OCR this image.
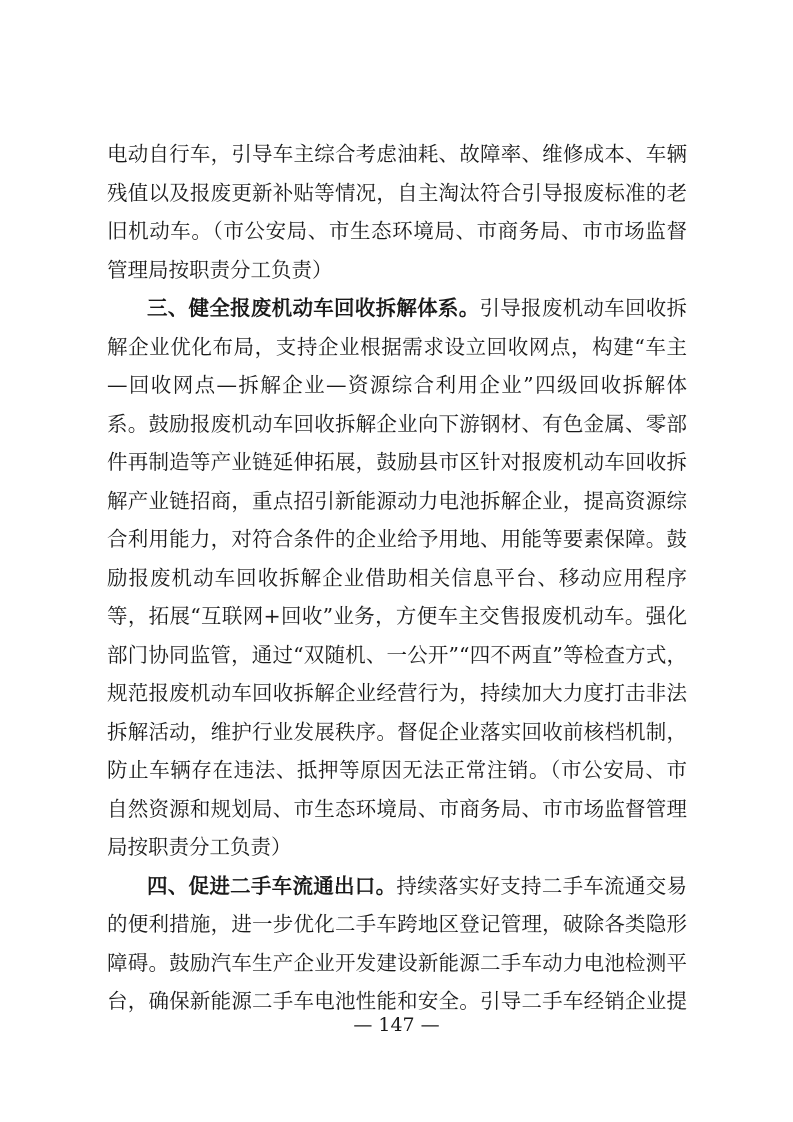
电动自行车，引导车主综合考虑油耗、故障率、维修成本、车辆
残值以及报废更新补贴等情况，自主淘汰符合引导报废标准的老
旧机动车。（市公安局、市生态环境局、市商务局、市市场监督
管理局按职责分工负责）
三、健全报废机动车回收拆解体系。引导报废机动车回收拆
解企业优化布局，支持企业根据需求设立回收网点，构建“车主
—回收网点—拆解企业—资源综合利用企业”四级回收拆解体
系。鼓励报废机动车回收拆解企业向下游钢材、有色金属、零部
件再制造等产业链延伸拓展，鼓励县市区针对报废机动车回收拆
解产业链招商，重点招引新能源动力电池拆解企业，提高资源综
合利用能力，对符合条件的企业给予用地、用能等要素保障。鼓
励报废机动车回收拆解企业借助相关信息平台、移动应用程序
等，拓展“互联网+回收”业务，方便车主交售报废机动车。强化
部门协同监管，通过“双随机、一公开”“四不两直”等检查方式，
规范报废机动车回收拆解企业经营行为，持续加大力度打击非法
拆解活动，维护行业发展秩序。督促企业落实回收前核档机制，
防止车辆存在违法、抵押等原因无法正常注销。（市公安局、市
自然资源和规划局、市生态环境局、市商务局、市市场监督管理
局按职责分工负责）
四、促进二手车流通出口。持续落实好支持二手车流通交易
的便利措施，进一步优化二手车跨地区登记管理，破除各类隐形
障碍。鼓励汽车生产企业开发建设新能源二手车动力电池检测平
台，确保新能源二手车电池性能和安全。引导二手车经销企业提
— 147 —
